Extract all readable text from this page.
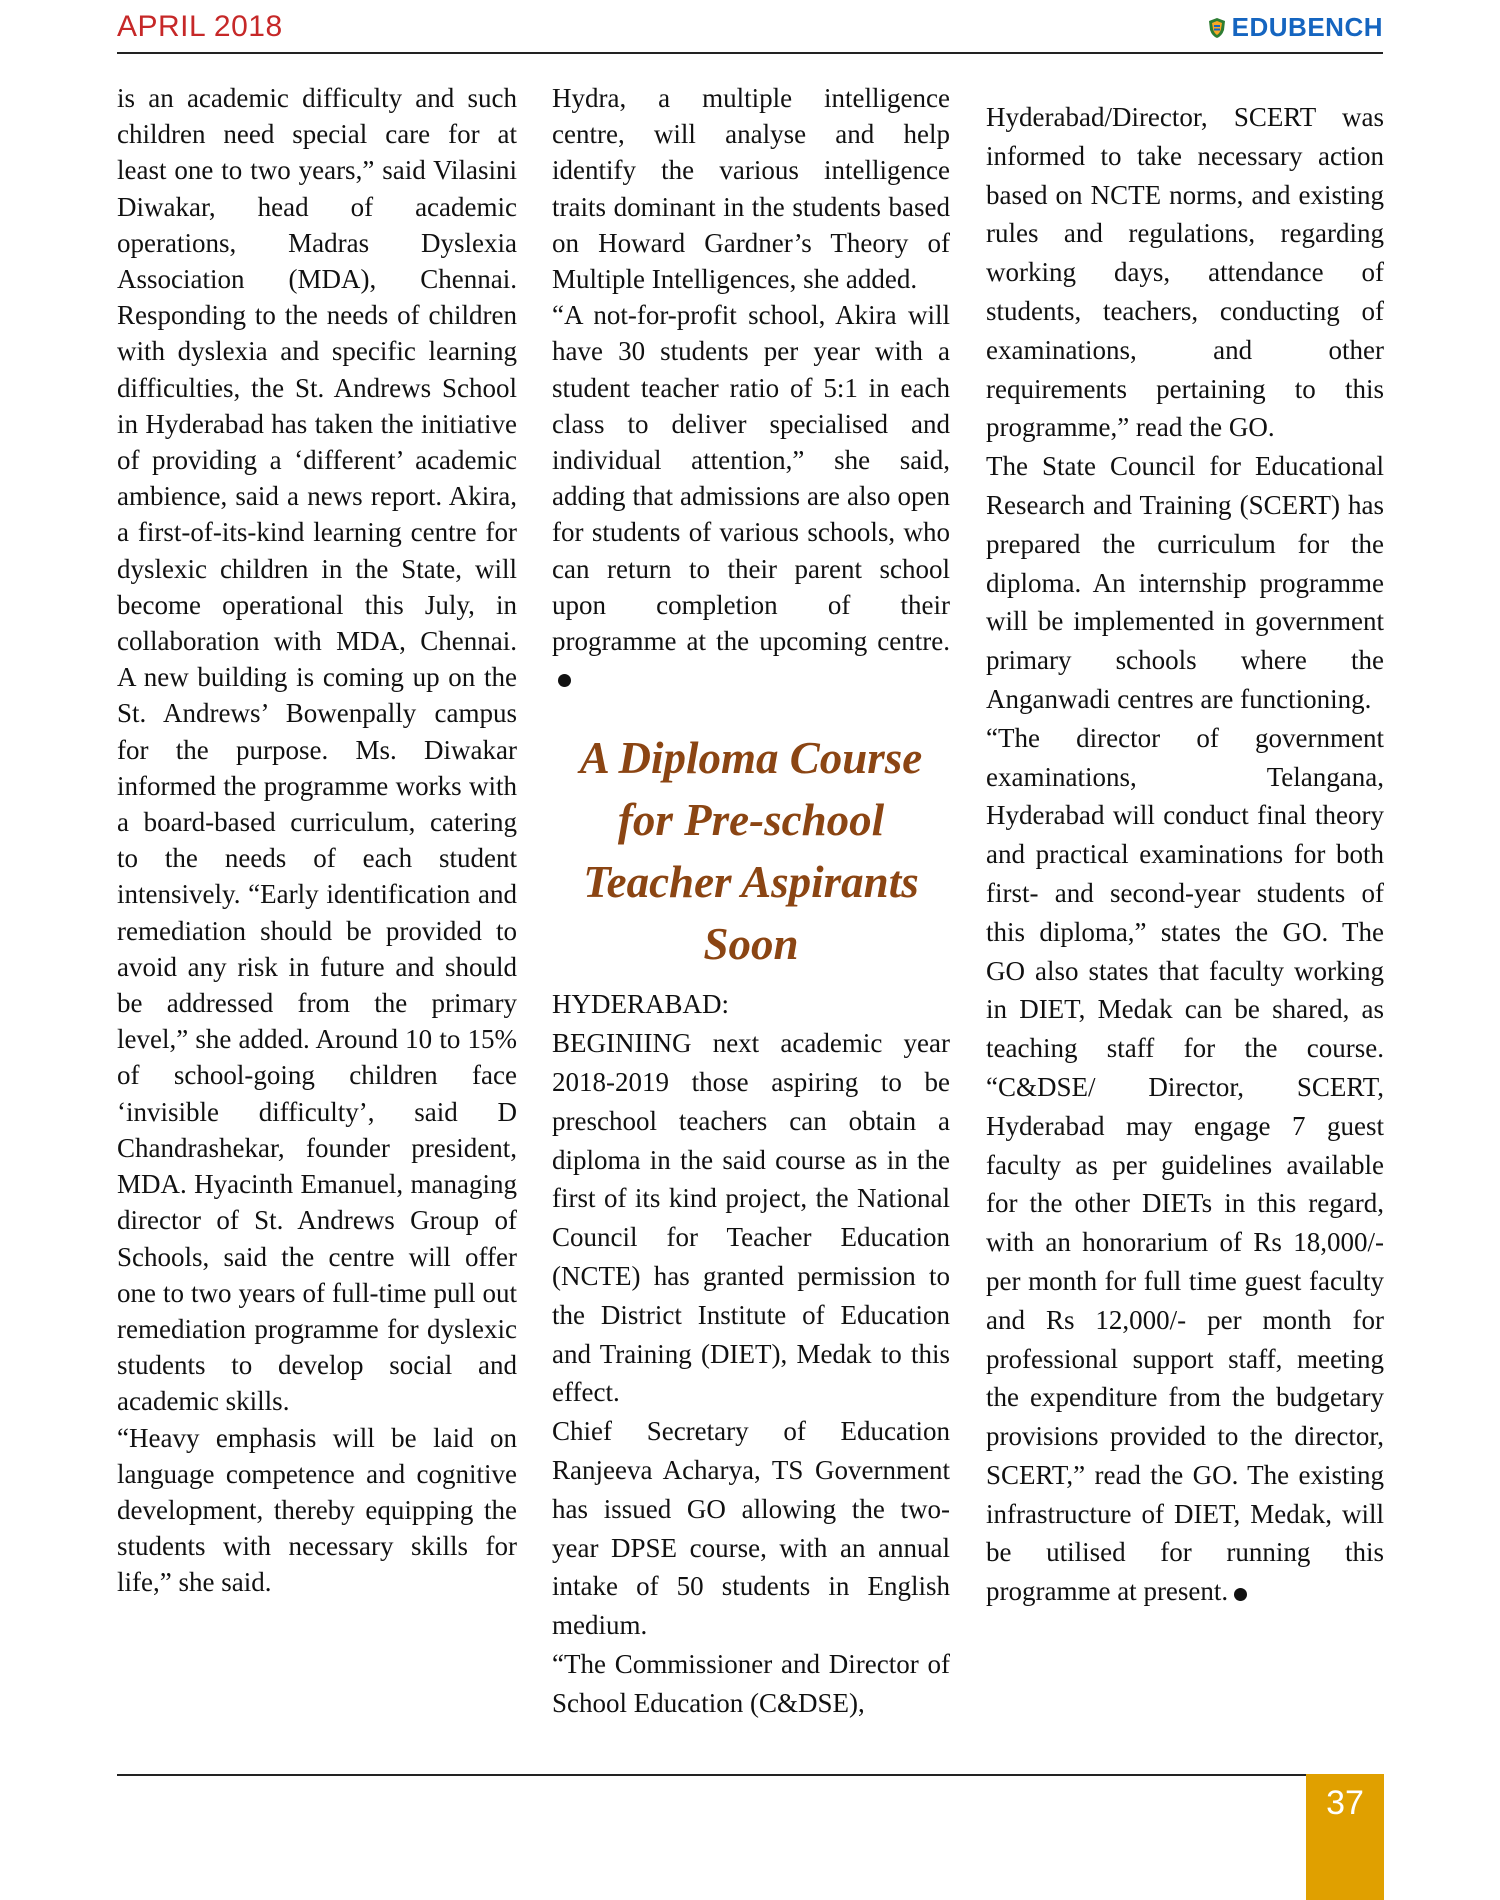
APRIL 2018	EDUBENCH

is an academic difficulty and such children need special care for at least one to two years,” said Vilasini Diwakar, head of academic operations, Madras Dyslexia Association (MDA), Chennai. Responding to the needs of children with dyslexia and specific learning difficulties, the St. Andrews School in Hyderabad has taken the initiative of providing a ‘different’ academic ambience, said a news report. Akira, a first-of-its-kind learning centre for dyslexic children in the State, will become operational this July, in collaboration with MDA, Chennai. A new building is coming up on the St. Andrews’ Bowenpally campus for the purpose. Ms. Diwakar informed the programme works with a board-based curriculum, catering to the needs of each student intensively. “Early identification and remediation should be provided to avoid any risk in future and should be addressed from the primary level,” she added. Around 10 to 15% of school-going children face ‘invisible difficulty’, said D Chandrashekar, founder president, MDA. Hyacinth Emanuel, managing director of St. Andrews Group of Schools, said the centre will offer one to two years of full-time pull out remediation programme for dyslexic students to develop social and academic skills.

“Heavy emphasis will be laid on language competence and cognitive development, thereby equipping the students with necessary skills for life,” she said.

Hydra, a multiple intelligence centre, will analyse and help identify the various intelligence traits dominant in the students based on Howard Gardner’s Theory of Multiple Intelligences, she added.

“A not-for-profit school, Akira will have 30 students per year with a student teacher ratio of 5:1 in each class to deliver specialised and individual attention,” she said, adding that admissions are also open for students of various schools, who can return to their parent school upon completion of their programme at the upcoming centre.

A Diploma Course for Pre-school Teacher Aspirants Soon

HYDERABAD:

BEGINIING next academic year 2018-2019 those aspiring to be preschool teachers can obtain a diploma in the said course as in the first of its kind project, the National Council for Teacher Education (NCTE) has granted permission to the District Institute of Education and Training (DIET), Medak to this effect.

Chief Secretary of Education Ranjeeva Acharya, TS Government has issued GO allowing the two-year DPSE course, with an annual intake of 50 students in English medium.

“The Commissioner and Director of School Education (C&DSE),

Hyderabad/Director, SCERT was informed to take necessary action based on NCTE norms, and existing rules and regulations, regarding working days, attendance of students, teachers, conducting of examinations, and other requirements pertaining to this programme,” read the GO.

The State Council for Educational Research and Training (SCERT) has prepared the curriculum for the diploma. An internship programme will be implemented in government primary schools where the Anganwadi centres are functioning.

“The director of government examinations, Telangana, Hyderabad will conduct final theory and practical examinations for both first- and second-year students of this diploma,” states the GO. The GO also states that faculty working in DIET, Medak can be shared, as teaching staff for the course. “C&DSE/ Director, SCERT, Hyderabad may engage 7 guest faculty as per guidelines available for the other DIETs in this regard, with an honorarium of Rs 18,000/- per month for full time guest faculty and Rs 12,000/- per month for professional support staff, meeting the expenditure from the budgetary provisions provided to the director, SCERT,” read the GO. The existing infrastructure of DIET, Medak, will be utilised for running this programme at present.

37
